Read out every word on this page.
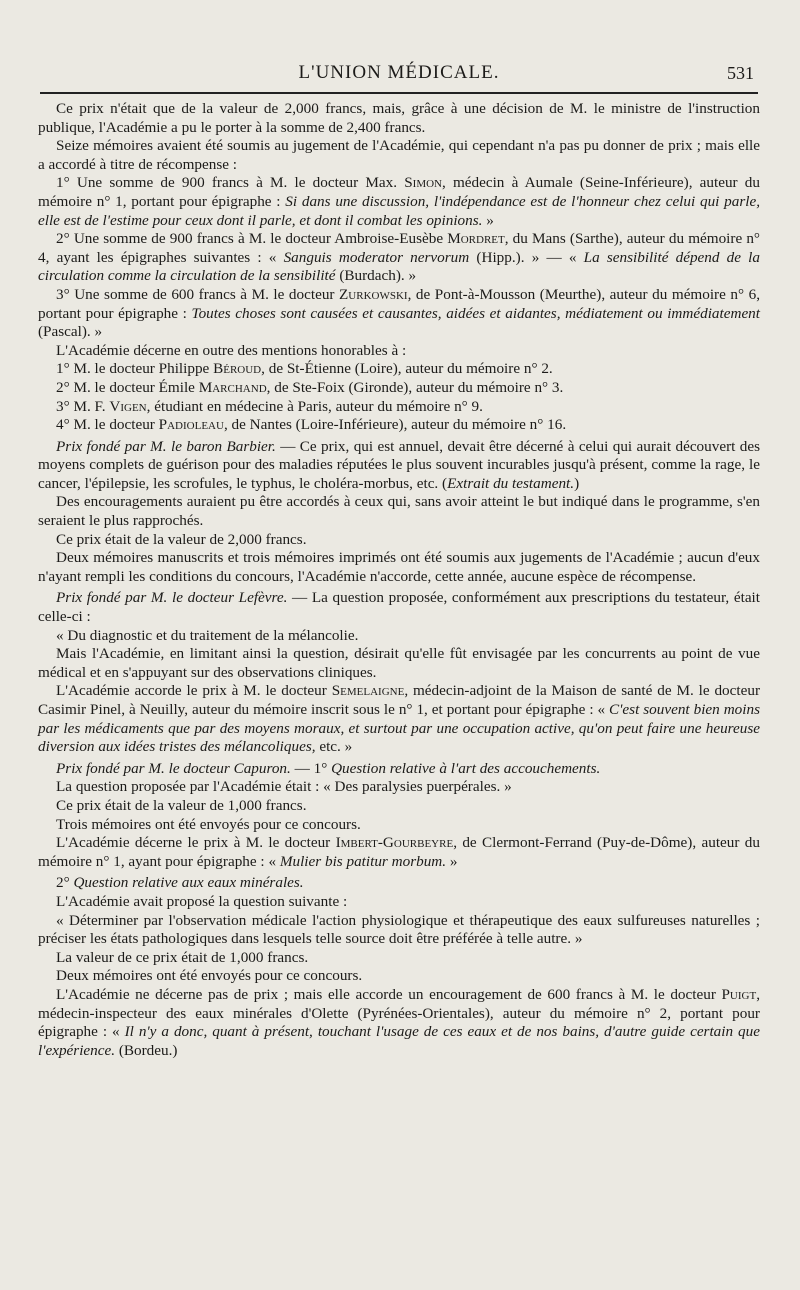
L'UNION MÉDICALE.	531

Ce prix n'était que de la valeur de 2,000 francs, mais, grâce à une décision de M. le ministre de l'instruction publique, l'Académie a pu le porter à la somme de 2,400 francs.

Seize mémoires avaient été soumis au jugement de l'Académie, qui cependant n'a pas pu donner de prix ; mais elle a accordé à titre de récompense :

1° Une somme de 900 francs à M. le docteur Max. Simon, médecin à Aumale (Seine-Inférieure), auteur du mémoire n° 1, portant pour épigraphe : Si dans une discussion, l'indépendance est de l'honneur chez celui qui parle, elle est de l'estime pour ceux dont il parle, et dont il combat les opinions. »

2° Une somme de 900 francs à M. le docteur Ambroise-Eusèbe Mordret, du Mans (Sarthe), auteur du mémoire n° 4, ayant les épigraphes suivantes : « Sanguis moderator nervorum (Hipp.). » — « La sensibilité dépend de la circulation comme la circulation de la sensibilité (Burdach). »

3° Une somme de 600 francs à M. le docteur Zurkowski, de Pont-à-Mousson (Meurthe), auteur du mémoire n° 6, portant pour épigraphe : Toutes choses sont causées et causantes, aidées et aidantes, médiatement ou immédiatement (Pascal). »

L'Académie décerne en outre des mentions honorables à :

1° M. le docteur Philippe Béroud, de St-Étienne (Loire), auteur du mémoire n° 2.

2° M. le docteur Émile Marchand, de Ste-Foix (Gironde), auteur du mémoire n° 3.

3° M. F. Vigen, étudiant en médecine à Paris, auteur du mémoire n° 9.

4° M. le docteur Padioleau, de Nantes (Loire-Inférieure), auteur du mémoire n° 16.

Prix fondé par M. le baron Barbier. — Ce prix, qui est annuel, devait être décerné à celui qui aurait découvert des moyens complets de guérison pour des maladies réputées le plus souvent incurables jusqu'à présent, comme la rage, le cancer, l'épilepsie, les scrofules, le typhus, le choléra-morbus, etc. (Extrait du testament.)

Des encouragements auraient pu être accordés à ceux qui, sans avoir atteint le but indiqué dans le programme, s'en seraient le plus rapprochés.

Ce prix était de la valeur de 2,000 francs.

Deux mémoires manuscrits et trois mémoires imprimés ont été soumis aux jugements de l'Académie ; aucun d'eux n'ayant rempli les conditions du concours, l'Académie n'accorde, cette année, aucune espèce de récompense.

Prix fondé par M. le docteur Lefèvre. — La question proposée, conformément aux prescriptions du testateur, était celle-ci :

« Du diagnostic et du traitement de la mélancolie.

Mais l'Académie, en limitant ainsi la question, désirait qu'elle fût envisagée par les concurrents au point de vue médical et en s'appuyant sur des observations cliniques.

L'Académie accorde le prix à M. le docteur Semelaigne, médecin-adjoint de la Maison de santé de M. le docteur Casimir Pinel, à Neuilly, auteur du mémoire inscrit sous le n° 1, et portant pour épigraphe : « C'est souvent bien moins par les médicaments que par des moyens moraux, et surtout par une occupation active, qu'on peut faire une heureuse diversion aux idées tristes des mélancoliques, etc. »

Prix fondé par M. le docteur Capuron. — 1° Question relative à l'art des accouchements.

La question proposée par l'Académie était : « Des paralysies puerpérales. »

Ce prix était de la valeur de 1,000 francs.

Trois mémoires ont été envoyés pour ce concours.

L'Académie décerne le prix à M. le docteur Imbert-Gourbeyre, de Clermont-Ferrand (Puy-de-Dôme), auteur du mémoire n° 1, ayant pour épigraphe : « Mulier bis patitur morbum. »

2° Question relative aux eaux minérales.

L'Académie avait proposé la question suivante :

« Déterminer par l'observation médicale l'action physiologique et thérapeutique des eaux sulfureuses naturelles ; préciser les états pathologiques dans lesquels telle source doit être préférée à telle autre. »

La valeur de ce prix était de 1,000 francs.

Deux mémoires ont été envoyés pour ce concours.

L'Académie ne décerne pas de prix ; mais elle accorde un encouragement de 600 francs à M. le docteur Puigt, médecin-inspecteur des eaux minérales d'Olette (Pyrénées-Orientales), auteur du mémoire n° 2, portant pour épigraphe : « Il n'y a donc, quant à présent, touchant l'usage de ces eaux et de nos bains, d'autre guide certain que l'expérience. (Bordeu.)
